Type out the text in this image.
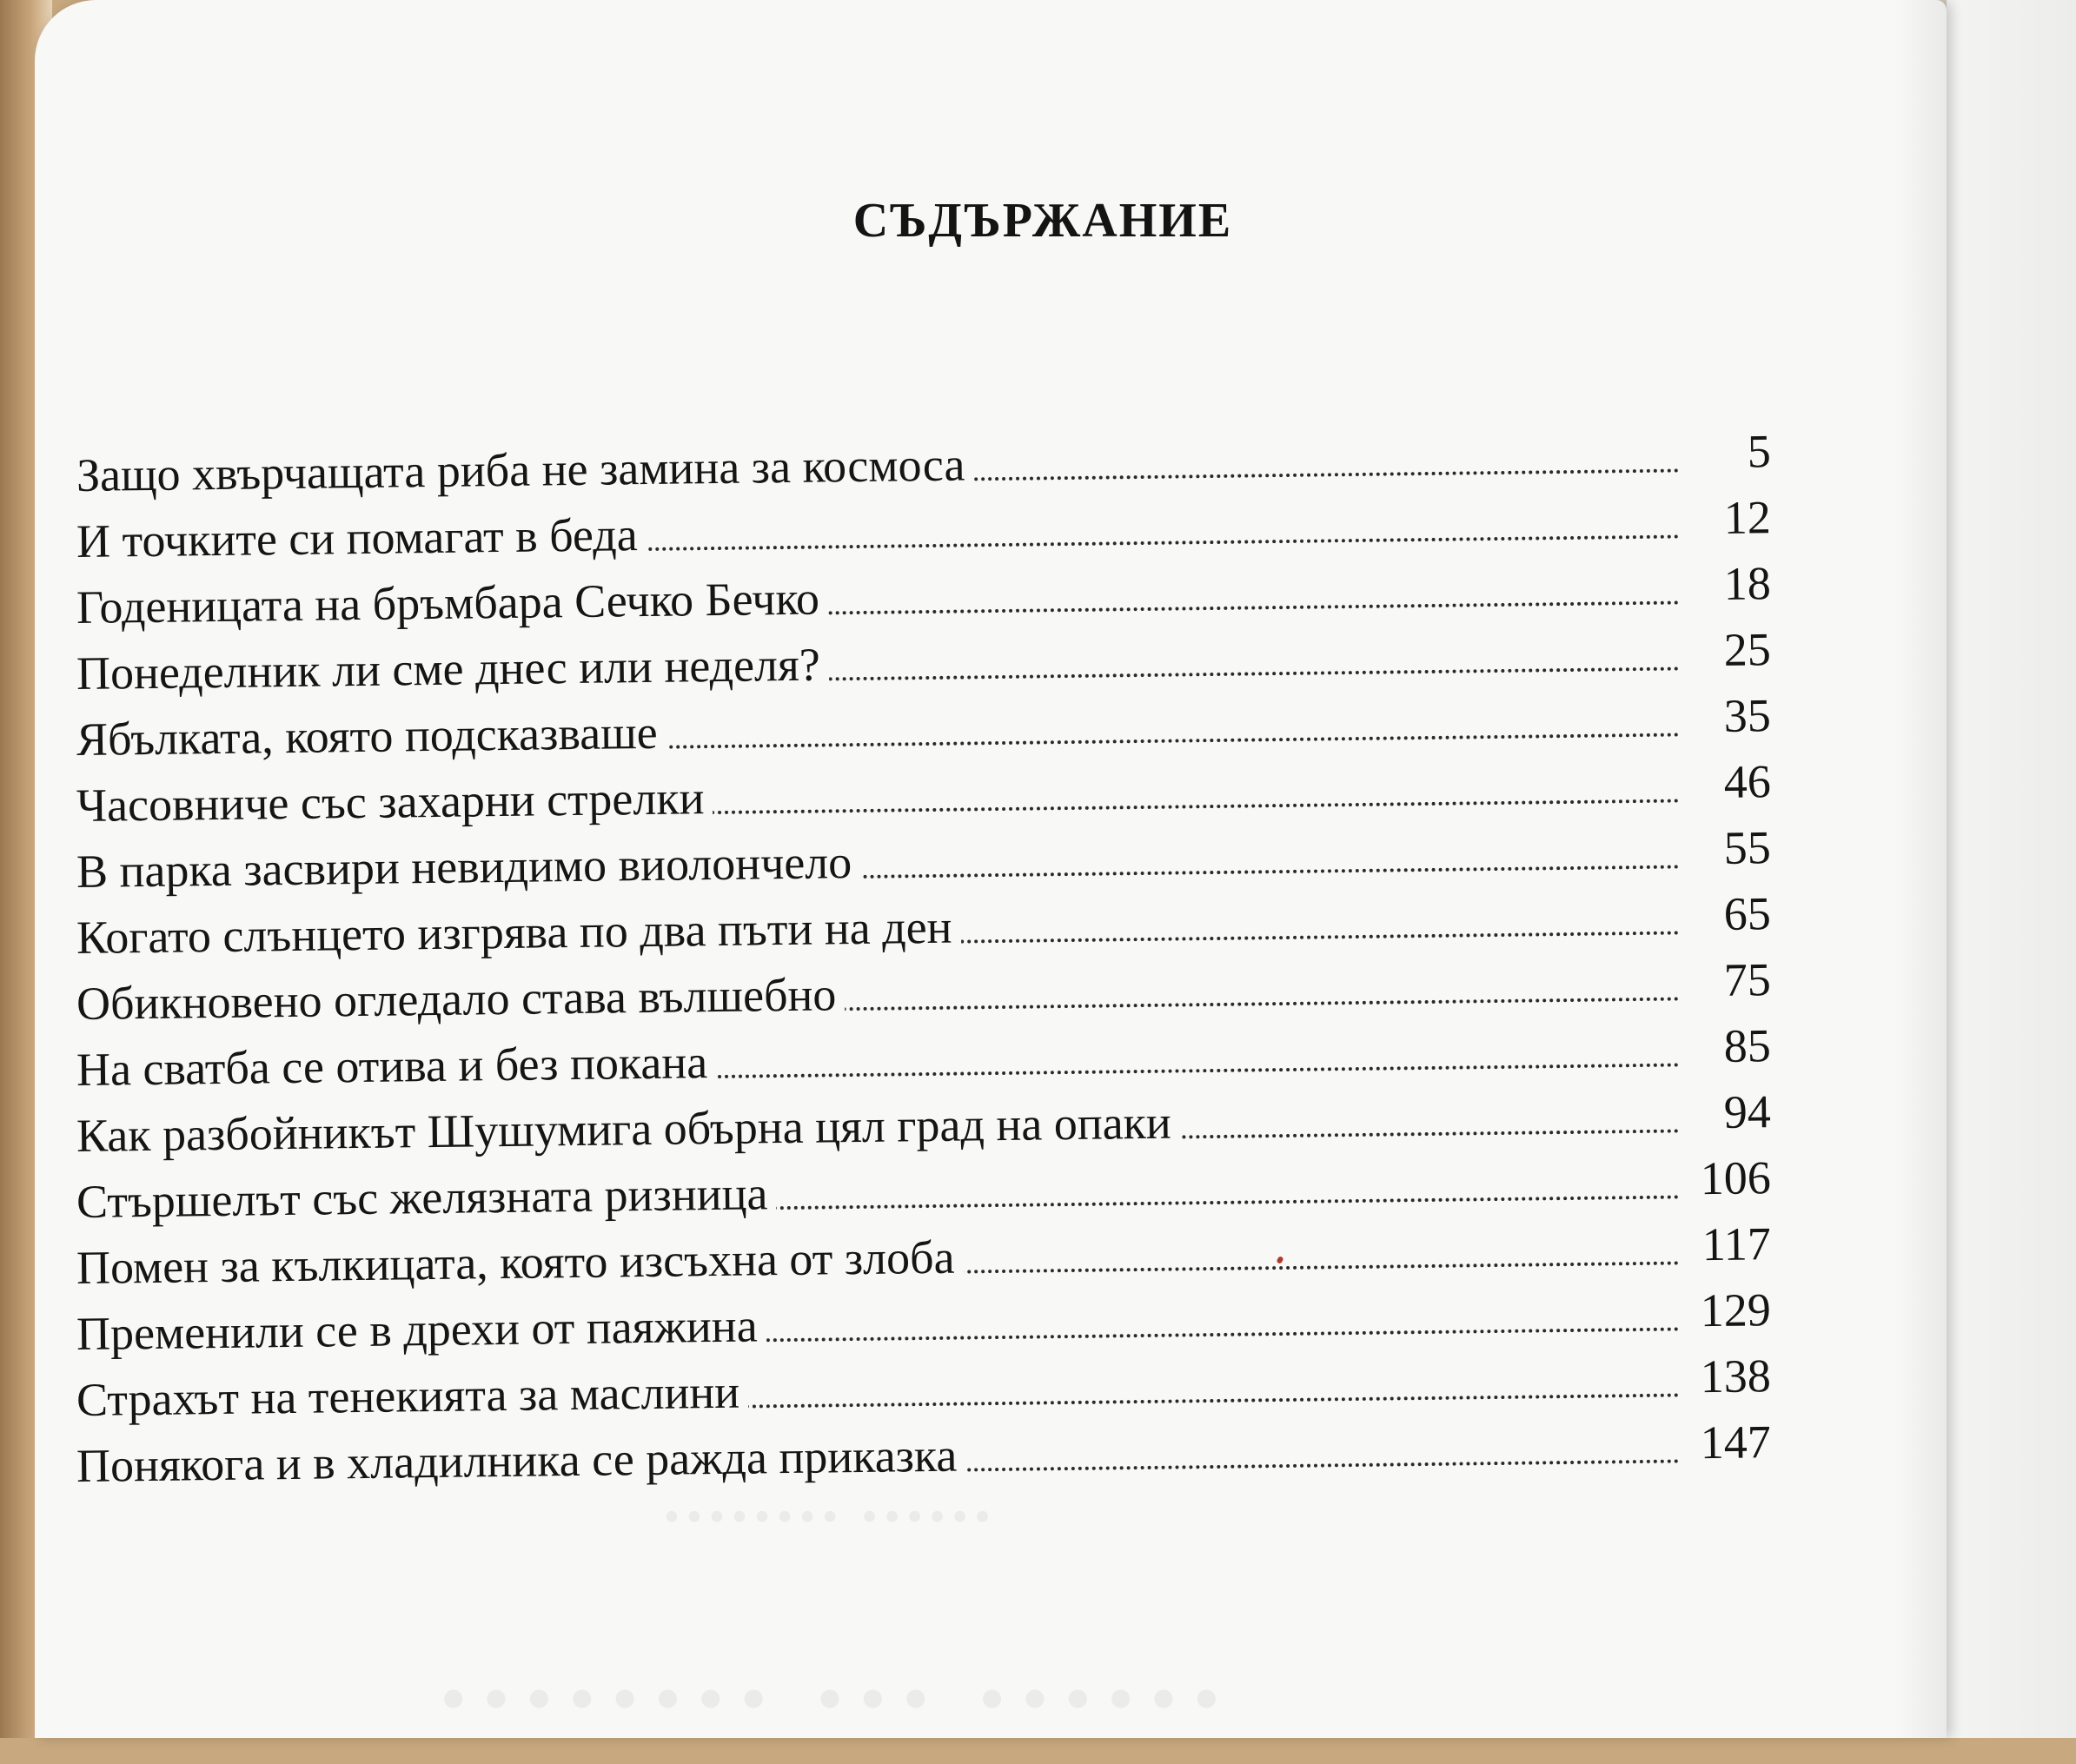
········ ······
········ ··· ······
СЪДЪРЖАНИЕ
Защо хвърчащата риба не замина за космоса	5
И точките си помагат в беда	12
Годеницата на бръмбара Сечко Бечко	18
Понеделник ли сме днес или неделя?	25
Ябълката, която подсказваше	35
Часовниче със захарни стрелки	46
В парка засвири невидимо виолончело	55
Когато слънцето изгрява по два пъти на ден	65
Обикновено огледало става вълшебно	75
На сватба се отива и без покана	85
Как разбойникът Шушумига обърна цял град на опаки	94
Стършелът със желязната ризница	106
Помен за кълкицата, която изсъхна от злоба	117
Пременили се в дрехи от паяжина	129
Страхът на тенекията за маслини	138
Понякога и в хладилника се ражда приказка	147
